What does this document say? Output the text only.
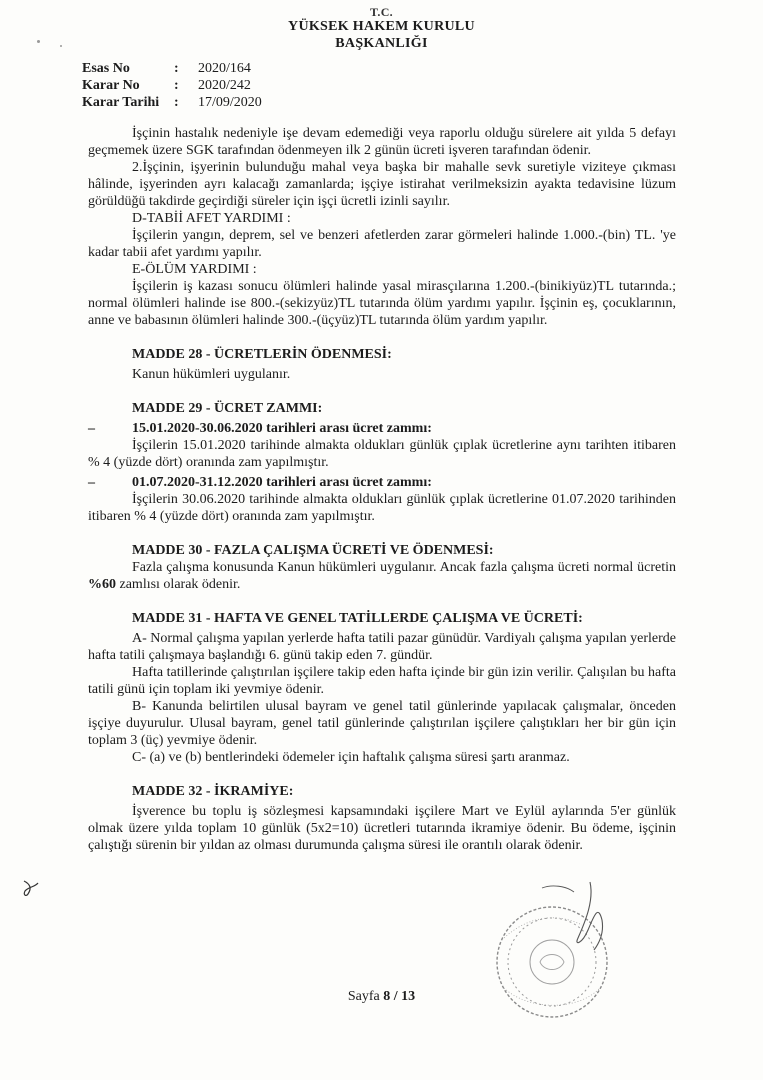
T.C.
YÜKSEK HAKEM KURULU
BAŞKANLIĞI
Esas No	:	2020/164
Karar No	:	2020/242
Karar Tarihi	:	17/09/2020

İşçinin hastalık nedeniyle işe devam edemediği veya raporlu olduğu sürelere ait yılda 5 defayı geçmemek üzere SGK tarafından ödenmeyen ilk 2 günün ücreti işveren tarafından ödenir.

2.İşçinin, işyerinin bulunduğu mahal veya başka bir mahalle sevk suretiyle viziteye çıkması hâlinde, işyerinden ayrı kalacağı zamanlarda; işçiye istirahat verilmeksizin ayakta tedavisine lüzum görüldüğü takdirde geçirdiği süreler için işçi ücretli izinli sayılır.

D-TABİİ AFET YARDIMI :

İşçilerin yangın, deprem, sel ve benzeri afetlerden zarar görmeleri halinde 1.000.-(bin) TL. 'ye kadar tabii afet yardımı yapılır.

E-ÖLÜM YARDIMI :

İşçilerin iş kazası sonucu ölümleri halinde yasal mirasçılarına 1.200.-(binikiyüz)TL tutarında.; normal ölümleri halinde ise 800.-(sekizyüz)TL tutarında ölüm yardımı yapılır. İşçinin eş, çocuklarının, anne ve babasının ölümleri halinde 300.-(üçyüz)TL tutarında ölüm yardım yapılır.

MADDE 28 - ÜCRETLERİN ÖDENMESİ:

Kanun hükümleri uygulanır.

MADDE 29 - ÜCRET ZAMMI:

–	15.01.2020-30.06.2020 tarihleri arası ücret zammı:

İşçilerin 15.01.2020 tarihinde almakta oldukları günlük çıplak ücretlerine aynı tarihten itibaren % 4 (yüzde dört) oranında zam yapılmıştır.

–	01.07.2020-31.12.2020 tarihleri arası ücret zammı:

İşçilerin 30.06.2020 tarihinde almakta oldukları günlük çıplak ücretlerine 01.07.2020 tarihinden itibaren % 4 (yüzde dört) oranında zam yapılmıştır.

MADDE 30 - FAZLA ÇALIŞMA ÜCRETİ VE ÖDENMESİ:

Fazla çalışma konusunda Kanun hükümleri uygulanır. Ancak fazla çalışma ücreti normal ücretin %60 zamlısı olarak ödenir.

MADDE 31 - HAFTA VE GENEL TATİLLERDE ÇALIŞMA VE ÜCRETİ:

A- Normal çalışma yapılan yerlerde hafta tatili pazar günüdür. Vardiyalı çalışma yapılan yerlerde hafta tatili çalışmaya başlandığı 6. günü takip eden 7. gündür.

Hafta tatillerinde çalıştırılan işçilere takip eden hafta içinde bir gün izin verilir. Çalışılan bu hafta tatili günü için toplam iki yevmiye ödenir.

B- Kanunda belirtilen ulusal bayram ve genel tatil günlerinde yapılacak çalışmalar, önceden işçiye duyurulur. Ulusal bayram, genel tatil günlerinde çalıştırılan işçilere çalıştıkları her bir gün için toplam 3 (üç) yevmiye ödenir.

C- (a) ve (b) bentlerindeki ödemeler için haftalık çalışma süresi şartı aranmaz.

MADDE 32 - İKRAMİYE:

İşverence bu toplu iş sözleşmesi kapsamındaki işçilere Mart ve Eylül aylarında 5'er günlük olmak üzere yılda toplam 10 günlük (5x2=10) ücretleri tutarında ikramiye ödenir. Bu ödeme, işçinin çalıştığı sürenin bir yıldan az olması durumunda çalışma süresi ile orantılı olarak ödenir.

Sayfa 8 / 13
